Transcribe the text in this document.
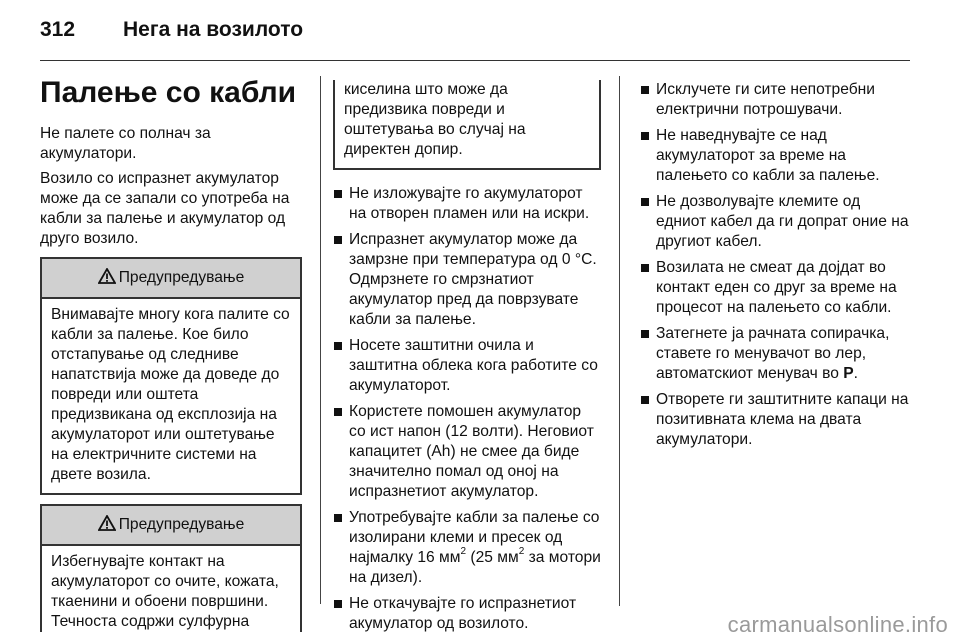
312 Нега на возилото
Палење со кабли

Не палете со полнач за акумулатори.

Возило со испразнет акумулатор може да се запали со употреба на кабли за палење и акумулатор од друго возило.

Предупредување
Внимавајте многу кога палите со кабли за палење. Кое било отстапување од следниве напатствија може да доведе до повреди или оштета предизвикана од експлозија на акумулаторот или оштетување на електричните системи на двете возила.
Предупредување
Избегнувајте контакт на акумулаторот со очите, кожата, ткаенини и обоени површини. Течноста содржи сулфурна
киселина што може да предизвика повреди и оштетувања во случај на директен допир.
Не изложувајте го акумулаторот на отворен пламен или на искри.
Испразнет акумулатор може да замрзне при температура од 0 °C. Одмрзнете го смрзнатиот акумулатор пред да поврзувате кабли за палење.
Носете заштитни очила и заштитна облека кога работите со акумулаторот.
Користете помошен акумулатор со ист напон (12 волти). Неговиот капацитет (Ah) не смее да биде значително помал од оној на испразнетиот акумулатор.
Употребувајте кабли за палење со изолирани клеми и пресек од најмалку 16 $мм^2$ (25 $мм^2$ за мотори на дизел).
Не откачувајте го испразнетиот акумулатор од возилото.
Исклучете ги сите непотребни електрични потрошувачи.
Не наведнувајте се над акумулаторот за време на палењето со кабли за палење.
Не дозволувајте клемите од едниот кабел да ги допрат оние на другиот кабел.
Возилата не смеат да дојдат во контакт еден со друг за време на процесот на палењето со кабли.
Затегнете ја рачната сопирачка, ставете го менувачот во лер, автоматскиот менувач во P.
Отворете ги заштитните капаци на позитивната клема на двата акумулатори.
carmanualsonline.info
